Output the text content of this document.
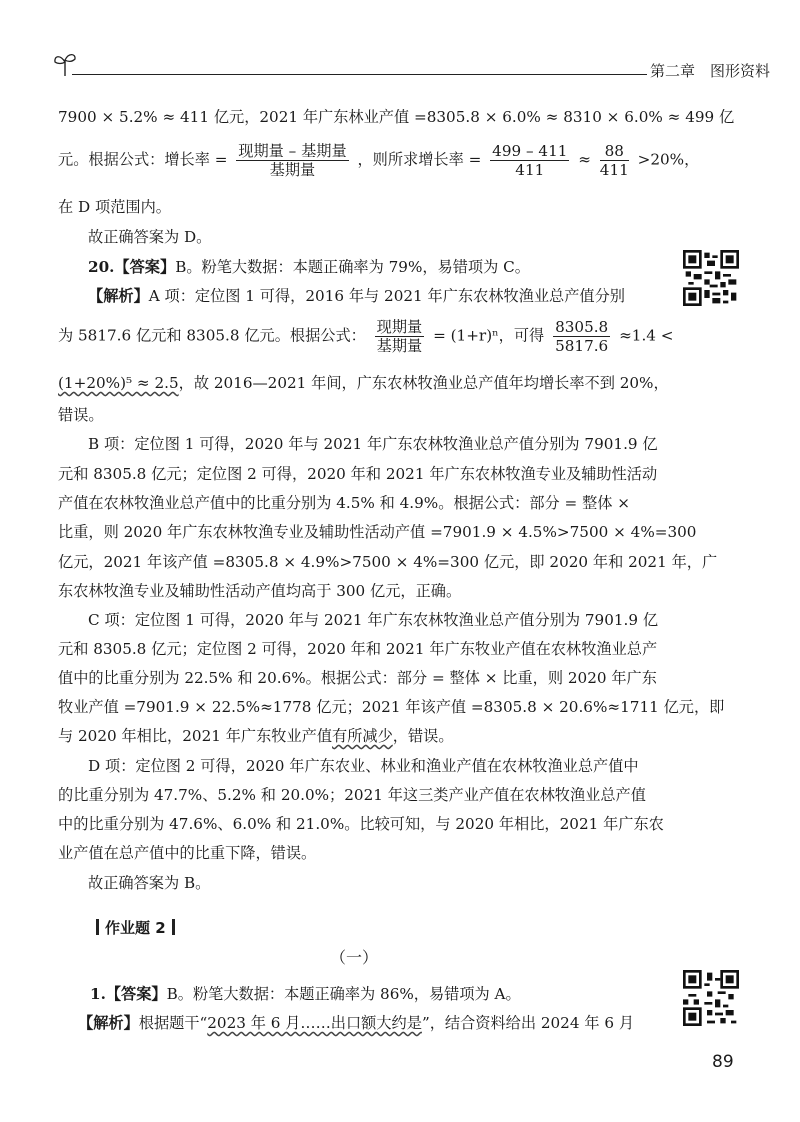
第二章　图形资料
7900 × 5.2% ≈ 411 亿元，2021 年广东林业产值 =8305.8 × 6.0% ≈ 8310 × 6.0% ≈ 499 亿
元。根据公式：增长率 = $\frac{\text{现期量 – 基期量}}{\text{基期量}}$ ，则所求增长率 = $\frac{499 - 411}{411} \approx \frac{88}{411} >20\%$，
在 D 项范围内。
故正确答案为 D。
20.【答案】B。粉笔大数据：本题正确率为 79%，易错项为 C。
【解析】A 项：定位图 1 可得，2016 年与 2021 年广东农林牧渔业总产值分别
为 5817.6 亿元和 8305.8 亿元。根据公式： $\frac{\text{现期量}}{\text{基期量}} = (1+r)^n$，可得 $\frac{8305.8}{5817.6} \approx 1.4$ <
(1+20%)⁵ ≈ 2.5，故 2016—2021 年间，广东农林牧渔业总产值年均增长率不到 20%，
错误。
B 项：定位图 1 可得，2020 年与 2021 年广东农林牧渔业总产值分别为 7901.9 亿
元和 8305.8 亿元；定位图 2 可得，2020 年和 2021 年广东农林牧渔专业及辅助性活动
产值在农林牧渔业总产值中的比重分别为 4.5% 和 4.9%。根据公式：部分 = 整体 ×
比重，则 2020 年广东农林牧渔专业及辅助性活动产值 =7901.9 × 4.5%>7500 × 4%=300
亿元，2021 年该产值 =8305.8 × 4.9%>7500 × 4%=300 亿元，即 2020 年和 2021 年，广
东农林牧渔专业及辅助性活动产值均高于 300 亿元，正确。
C 项：定位图 1 可得，2020 年与 2021 年广东农林牧渔业总产值分别为 7901.9 亿
元和 8305.8 亿元；定位图 2 可得，2020 年和 2021 年广东牧业产值在农林牧渔业总产
值中的比重分别为 22.5% 和 20.6%。根据公式：部分 = 整体 × 比重，则 2020 年广东
牧业产值 =7901.9 × 22.5%≈1778 亿元；2021 年该产值 =8305.8 × 20.6%≈1711 亿元，即
与 2020 年相比，2021 年广东牧业产值有所减少，错误。
D 项：定位图 2 可得，2020 年广东农业、林业和渔业产值在农林牧渔业总产值中
的比重分别为 47.7%、5.2% 和 20.0%；2021 年这三类产业产值在农林牧渔业总产值
中的比重分别为 47.6%、6.0% 和 21.0%。比较可知，与 2020 年相比，2021 年广东农
业产值在总产值中的比重下降，错误。
故正确答案为 B。
作业题 2
（一）
1.【答案】B。粉笔大数据：本题正确率为 86%，易错项为 A。
【解析】根据题干“2023 年 6 月……出口额大约是”，结合资料给出 2024 年 6 月
89
